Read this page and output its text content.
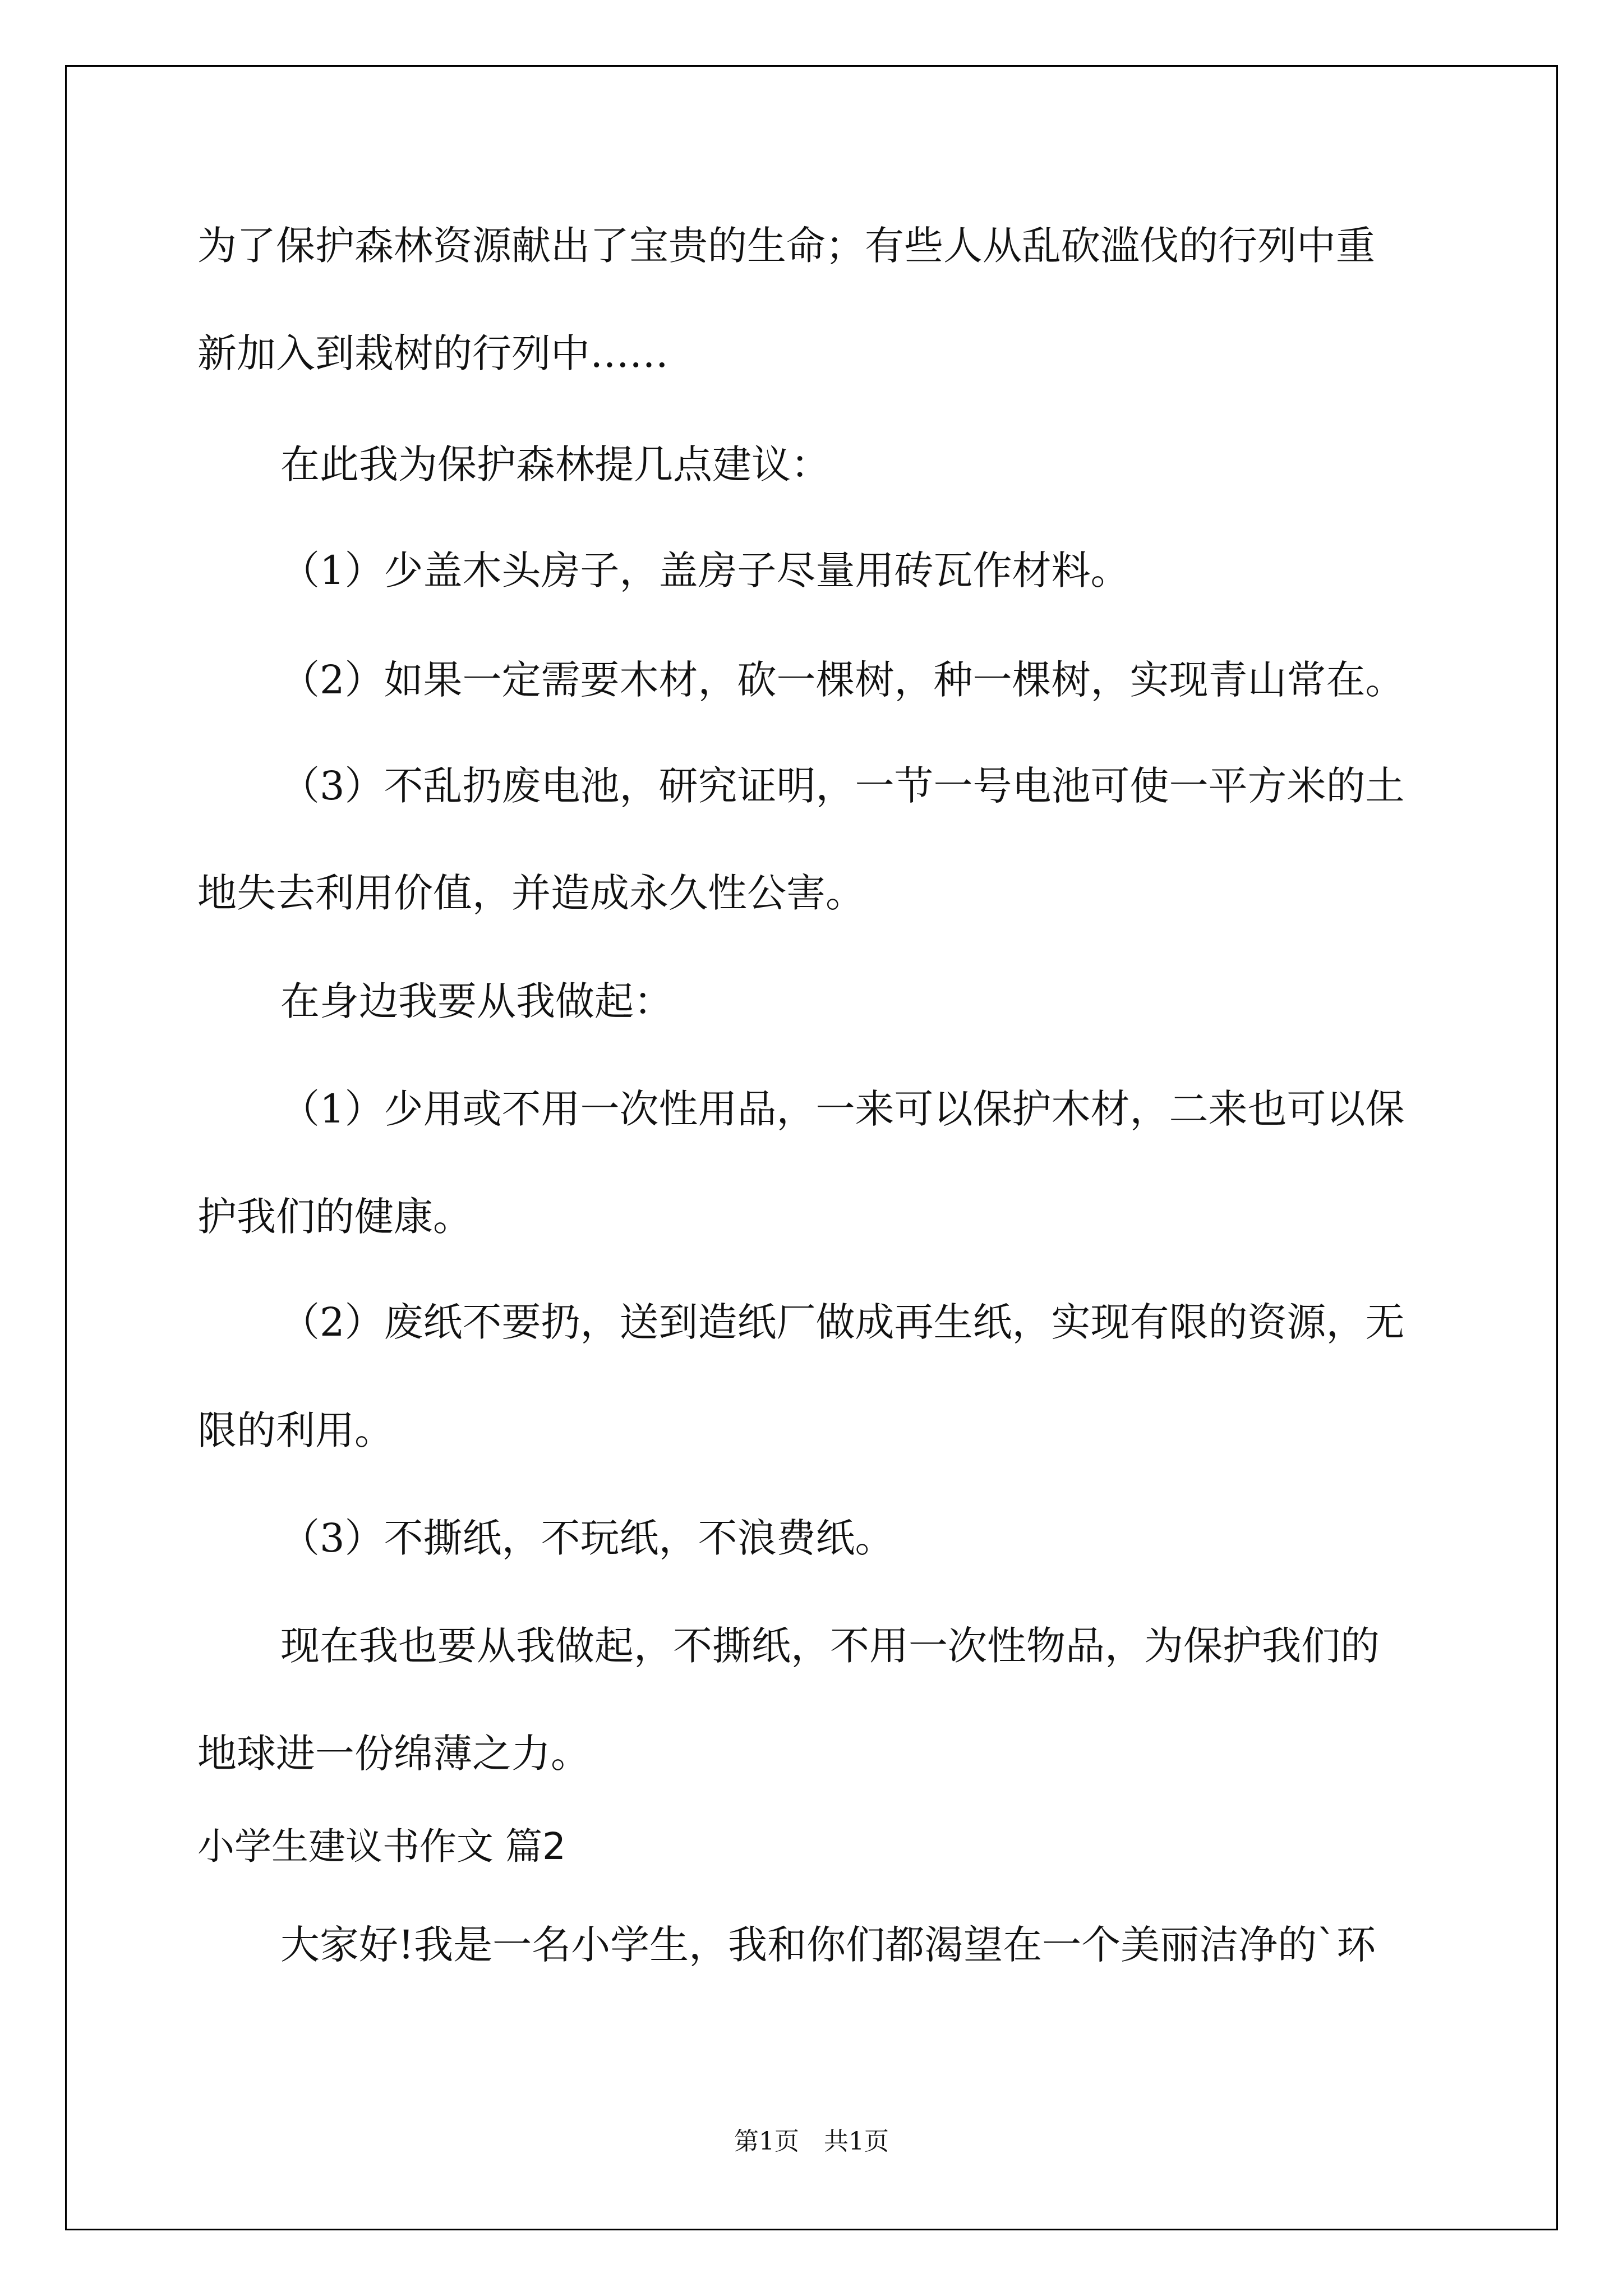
为了保护森林资源献出了宝贵的生命；有些人从乱砍滥伐的行列中重

新加入到栽树的行列中……

在此我为保护森林提几点建议：

（1）少盖木头房子，盖房子尽量用砖瓦作材料。

（2）如果一定需要木材，砍一棵树，种一棵树，实现青山常在。

（3）不乱扔废电池，研究证明，一节一号电池可使一平方米的土

地失去利用价值，并造成永久性公害。

在身边我要从我做起：

（1）少用或不用一次性用品，一来可以保护木材，二来也可以保

护我们的健康。

（2）废纸不要扔，送到造纸厂做成再生纸，实现有限的资源，无

限的利用。

（3）不撕纸，不玩纸，不浪费纸。

现在我也要从我做起，不撕纸，不用一次性物品，为保护我们的

地球进一份绵薄之力。

小学生建议书作文 篇2

大家好!我是一名小学生，我和你们都渴望在一个美丽洁净的`环

第1页　共1页
